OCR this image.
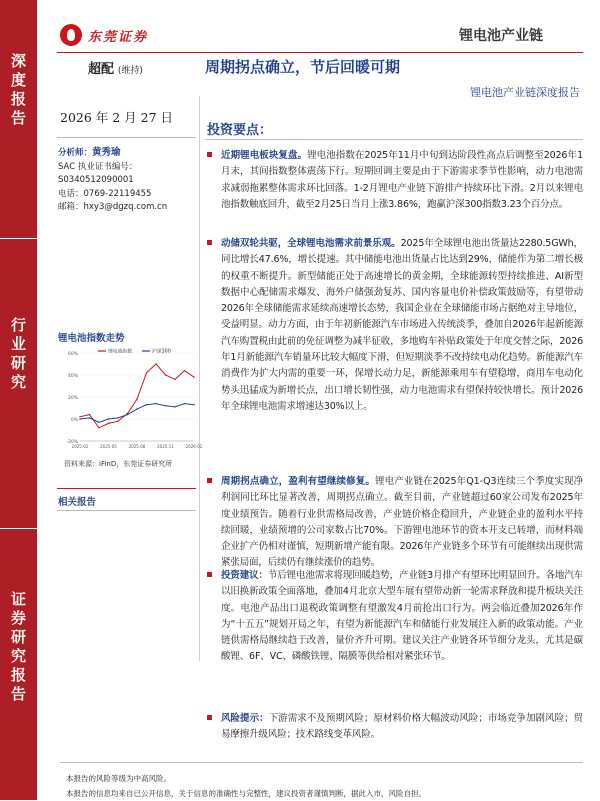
深
度
报
告
行
业
研
究
证
券
研
究
报
告
东莞证券	锂电池产业链
超配 (维持)	周期拐点确立，节后回暖可期
锂电池产业链深度报告
2026 年 2 月 27 日
分析师：黄秀瑜
SAC 执业证书编号：
S0340512090001
电话：0769-22119455
邮箱：hxy3@dgzq.com.cn
锂电池指数走势
-20%
0%
20%
40%
60%
2025-02	2025-05	2025-08	2025-11	2026-02
锂电池指数	沪深300
资料来源：iFinD，东莞证券研究所
相关报告
投资要点：

近期锂电板块复盘。锂电池指数在2025年11月中旬到达阶段性高点后调整至2026年1月末，其间指数整体震荡下行。短期回调主要是由于下游需求季节性影响，动力电池需求减弱拖累整体需求环比回落。1-2月锂电产业链下游排产持续环比下滑。2月以来锂电池指数触底回升，截至2月25日当月上涨3.86%，跑赢沪深300指数3.23个百分点。

动储双轮共驱，全球锂电池需求前景乐观。2025年全球锂电池出货量达2280.5GWh，同比增长47.6%，增长提速。其中储能电池出货量占比达到29%，储能作为第二增长极的权重不断提升。新型储能正处于高速增长的黄金期，全球能源转型持续推进、AI新型数据中心配储需求爆发、海外户储强劲复苏、国内容量电价补偿政策鼓励等，有望带动2026年全球储能需求延续高速增长态势，我国企业在全球储能市场占据绝对主导地位，受益明显。动力方面，由于年初新能源汽车市场进入传统淡季，叠加自2026年起新能源汽车购置税由此前的免征调整为减半征收，多地购车补贴政策处于年度交替之际，2026年1月新能源汽车销量环比较大幅度下滑，但短期淡季不改持续电动化趋势。新能源汽车消费作为扩大内需的重要一环，保增长动力足，新能源乘用车有望稳增，商用车电动化势头迅猛成为新增长点，出口增长韧性强，动力电池需求有望保持较快增长。预计2026年全球锂电池需求增速达30%以上。

周期拐点确立，盈利有望继续修复。锂电产业链在2025年Q1-Q3连续三个季度实现净利润同比环比显著改善，周期拐点确立。截至目前，产业链超过60家公司发布2025年度业绩预告。随着行业供需格局改善，产业链价格企稳回升，产业链企业的盈利水平持续回暖，业绩预增的公司家数占比70%。下游锂电池环节的资本开支已转增，而材料端企业扩产仍相对谨慎，短期新增产能有限。2026年产业链多个环节有可能继续出现供需紧张局面，后续仍有继续涨价的趋势。

投资建议：节后锂电池需求将现回暖趋势，产业链3月排产有望环比明显回升。各地汽车以旧换新政策全面落地，叠加4月北京大型车展有望带动新一轮需求释放和提升板块关注度。电池产品出口退税政策调整有望激发4月前抢出口行为。两会临近叠加2026年作为“十五五”规划开局之年，有望为新能源汽车和储能行业发展注入新的政策动能。产业链供需格局继续趋于改善，量价齐升可期。建议关注产业链各环节细分龙头，尤其是碳酸锂、6F、VC、磷酸铁锂、隔膜等供给相对紧张环节。

风险提示：下游需求不及预期风险；原材料价格大幅波动风险；市场竞争加剧风险；贸易摩擦升级风险；技术路线变革风险。

本报告的风险等级为中高风险。
本报告的信息均来自已公开信息，关于信息的准确性与完整性，建议投资者谨慎判断，据此入市，风险自担。
